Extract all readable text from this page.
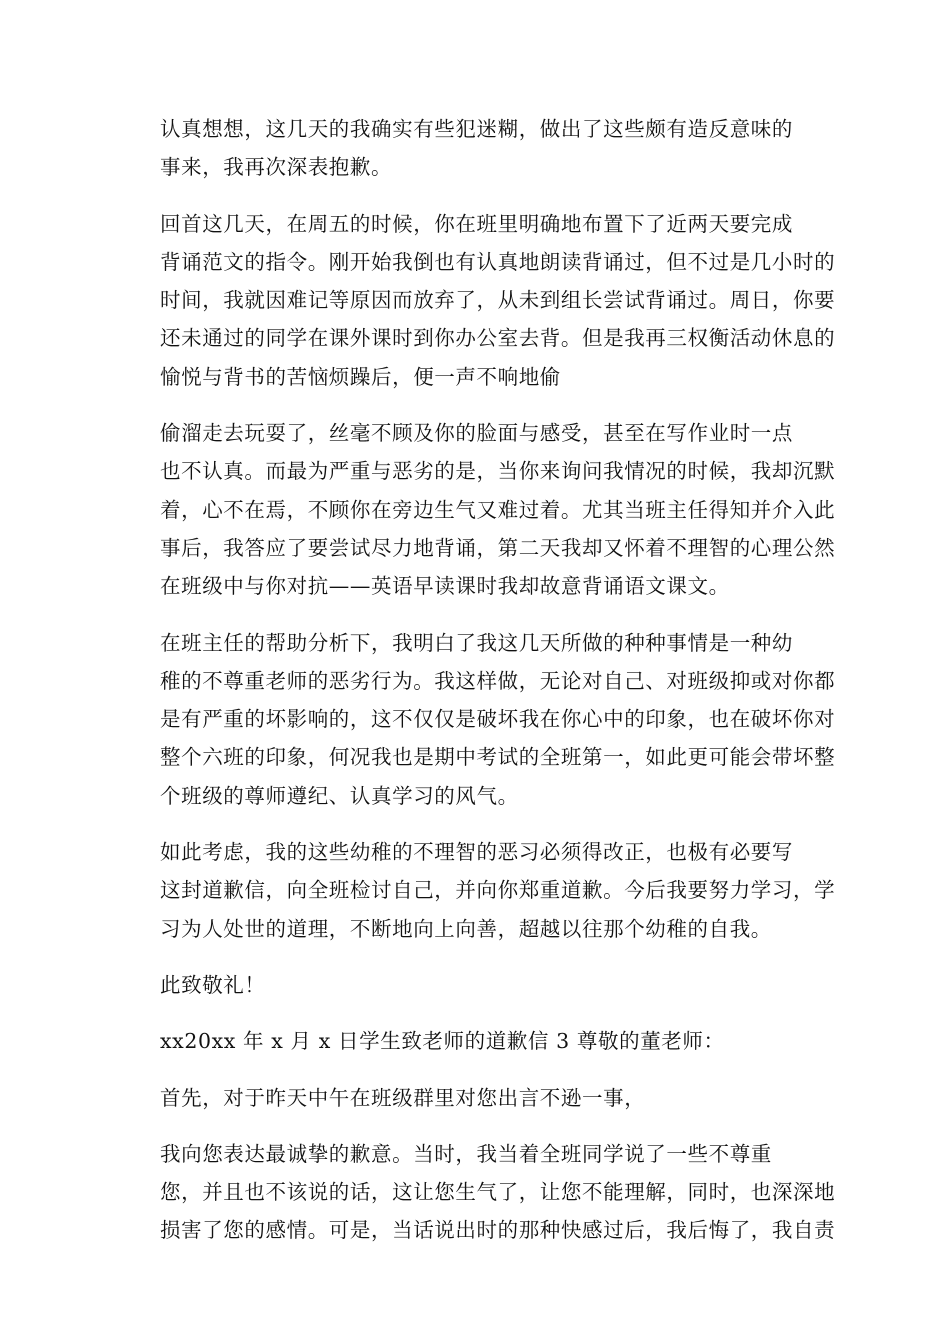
认真想想，这几天的我确实有些犯迷糊，做出了这些颇有造反意味的
事来，我再次深表抱歉。

回首这几天，在周五的时候，你在班里明确地布置下了近两天要完成
背诵范文的指令。刚开始我倒也有认真地朗读背诵过，但不过是几小时的
时间，我就因难记等原因而放弃了，从未到组长尝试背诵过。周日，你要
还未通过的同学在课外课时到你办公室去背。但是我再三权衡活动休息的
愉悦与背书的苦恼烦躁后，便一声不响地偷

偷溜走去玩耍了，丝毫不顾及你的脸面与感受，甚至在写作业时一点
也不认真。而最为严重与恶劣的是，当你来询问我情况的时候，我却沉默
着，心不在焉，不顾你在旁边生气又难过着。尤其当班主任得知并介入此
事后，我答应了要尝试尽力地背诵，第二天我却又怀着不理智的心理公然
在班级中与你对抗——英语早读课时我却故意背诵语文课文。

在班主任的帮助分析下，我明白了我这几天所做的种种事情是一种幼
稚的不尊重老师的恶劣行为。我这样做，无论对自己、对班级抑或对你都
是有严重的坏影响的，这不仅仅是破坏我在你心中的印象，也在破坏你对
整个六班的印象，何况我也是期中考试的全班第一，如此更可能会带坏整
个班级的尊师遵纪、认真学习的风气。

如此考虑，我的这些幼稚的不理智的恶习必须得改正，也极有必要写
这封道歉信，向全班检讨自己，并向你郑重道歉。今后我要努力学习，学
习为人处世的道理，不断地向上向善，超越以往那个幼稚的自我。

此致敬礼！

xx20xx 年 x 月 x 日学生致老师的道歉信 3 尊敬的董老师：

首先，对于昨天中午在班级群里对您出言不逊一事，

我向您表达最诚挚的歉意。当时，我当着全班同学说了一些不尊重
您，并且也不该说的话，这让您生气了，让您不能理解，同时，也深深地
损害了您的感情。可是，当话说出时的那种快感过后，我后悔了，我自责
